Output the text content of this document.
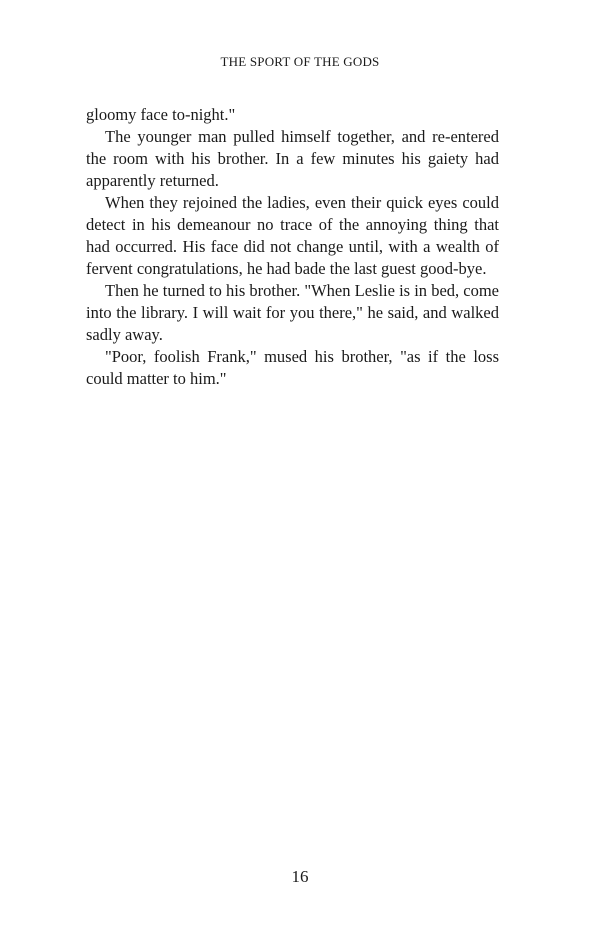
THE SPORT OF THE GODS

gloomy face to-night."

The younger man pulled himself together, and re-entered the room with his brother. In a few minutes his gaiety had apparently returned.

When they rejoined the ladies, even their quick eyes could detect in his demeanour no trace of the annoying thing that had occurred. His face did not change until, with a wealth of fervent congratulations, he had bade the last guest good-bye.

Then he turned to his brother. "When Leslie is in bed, come into the library. I will wait for you there," he said, and walked sadly away.

"Poor, foolish Frank," mused his brother, "as if the loss could matter to him."

16
